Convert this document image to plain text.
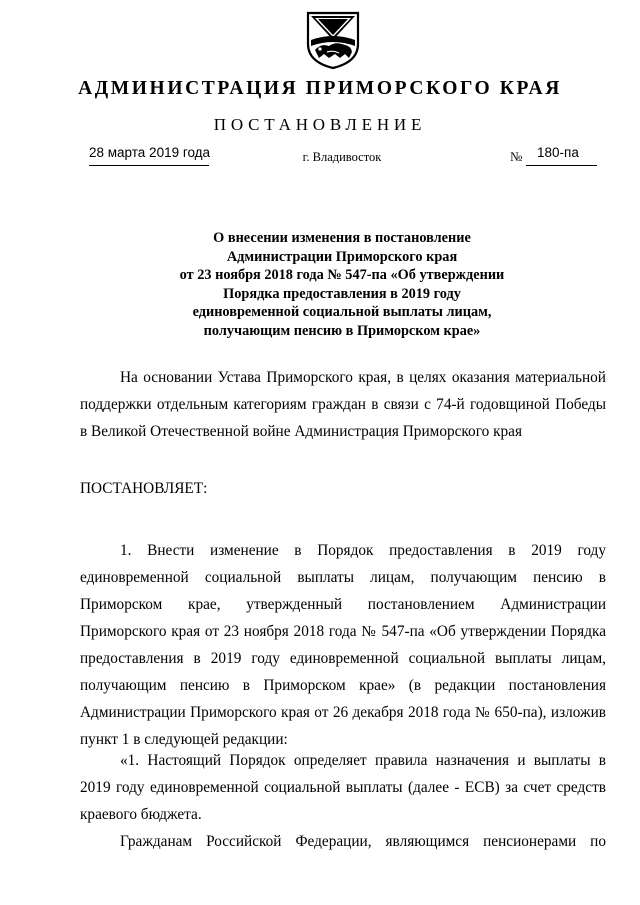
АДМИНИСТРАЦИЯ ПРИМОРСКОГО КРАЯ
ПОСТАНОВЛЕНИЕ
28 марта 2019 года	г. Владивосток	№ 180-па
О внесении изменения в постановление
Администрации Приморского края
от 23 ноября 2018 года № 547-па «Об утверждении
Порядка предоставления в 2019 году
единовременной социальной выплаты лицам,
получающим пенсию в Приморском крае»
На основании Устава Приморского края, в целях оказания материальной
поддержки отдельным категориям граждан в связи с 74-й годовщиной Победы
в Великой Отечественной войне Администрация Приморского края
ПОСТАНОВЛЯЕТ:
1. Внести изменение в Порядок предоставления в 2019 году
единовременной социальной выплаты лицам, получающим пенсию в
Приморском крае, утвержденный постановлением Администрации
Приморского края от 23 ноября 2018 года № 547-па «Об утверждении Порядка
предоставления в 2019 году единовременной социальной выплаты лицам,
получающим пенсию в Приморском крае» (в редакции постановления
Администрации Приморского края от 26 декабря 2018 года № 650-па), изложив
пункт 1 в следующей редакции:
«1. Настоящий Порядок определяет правила назначения и выплаты в
2019 году единовременной социальной выплаты (далее - ЕСВ) за счет средств
краевого бюджета.
Гражданам Российской Федерации, являющимся пенсионерами по
